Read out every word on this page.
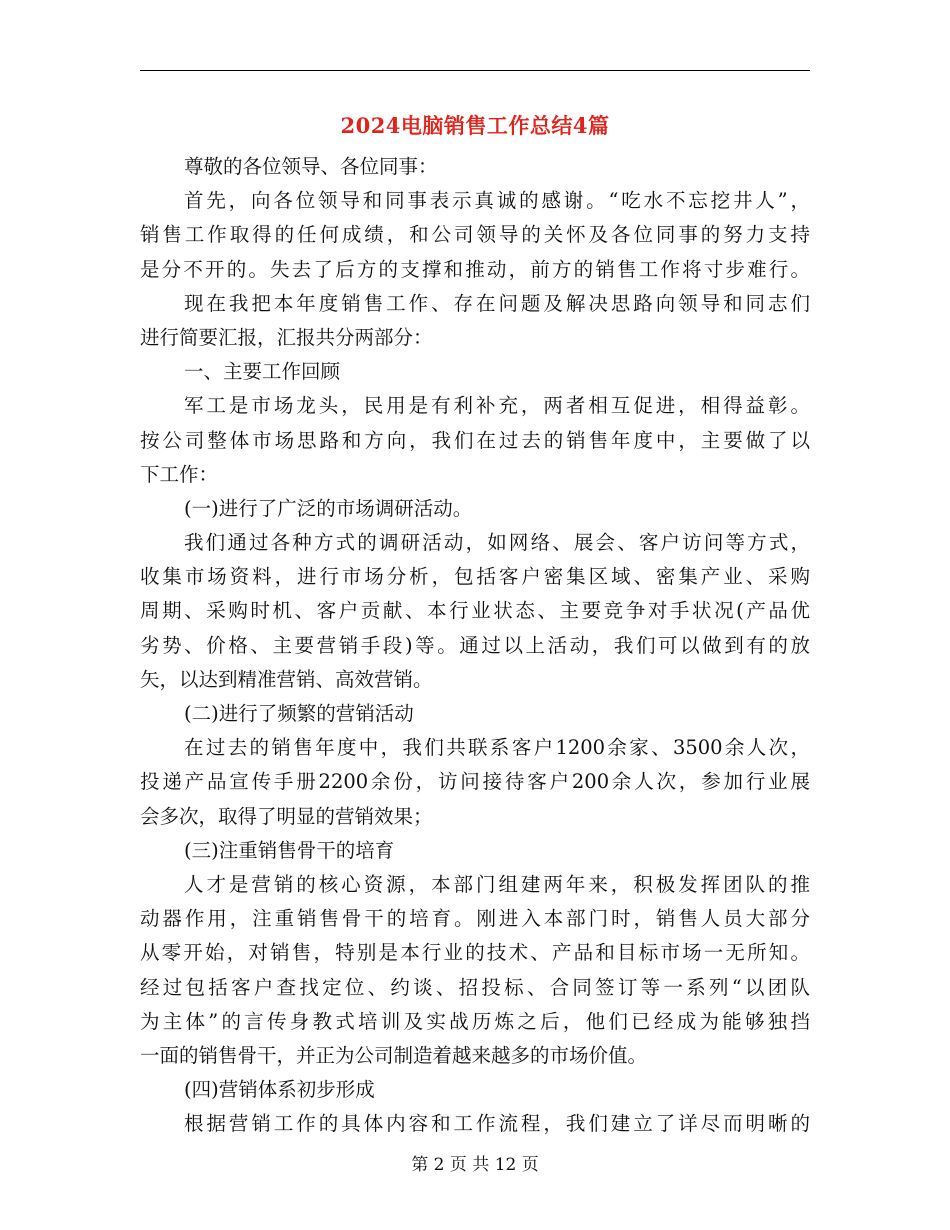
2024电脑销售工作总结4篇
尊敬的各位领导、各位同事：
首先，向各位领导和同事表示真诚的感谢。“吃水不忘挖井人”，
销售工作取得的任何成绩，和公司领导的关怀及各位同事的努力支持
是分不开的。失去了后方的支撑和推动，前方的销售工作将寸步难行。
现在我把本年度销售工作、存在问题及解决思路向领导和同志们
进行简要汇报，汇报共分两部分：
一、主要工作回顾
军工是市场龙头，民用是有利补充，两者相互促进，相得益彰。
按公司整体市场思路和方向，我们在过去的销售年度中，主要做了以
下工作：
(一)进行了广泛的市场调研活动。
我们通过各种方式的调研活动，如网络、展会、客户访问等方式，
收集市场资料，进行市场分析，包括客户密集区域、密集产业、采购
周期、采购时机、客户贡献、本行业状态、主要竞争对手状况(产品优
劣势、价格、主要营销手段)等。通过以上活动，我们可以做到有的放
矢，以达到精准营销、高效营销。
(二)进行了频繁的营销活动
在过去的销售年度中，我们共联系客户1200余家、3500余人次，
投递产品宣传手册2200余份，访问接待客户200余人次，参加行业展
会多次，取得了明显的营销效果；
(三)注重销售骨干的培育
人才是营销的核心资源，本部门组建两年来，积极发挥团队的推
动器作用，注重销售骨干的培育。刚进入本部门时，销售人员大部分
从零开始，对销售，特别是本行业的技术、产品和目标市场一无所知。
经过包括客户查找定位、约谈、招投标、合同签订等一系列“以团队
为主体”的言传身教式培训及实战历炼之后，他们已经成为能够独挡
一面的销售骨干，并正为公司制造着越来越多的市场价值。
(四)营销体系初步形成
根据营销工作的具体内容和工作流程，我们建立了详尽而明晰的
第 2 页 共 12 页
